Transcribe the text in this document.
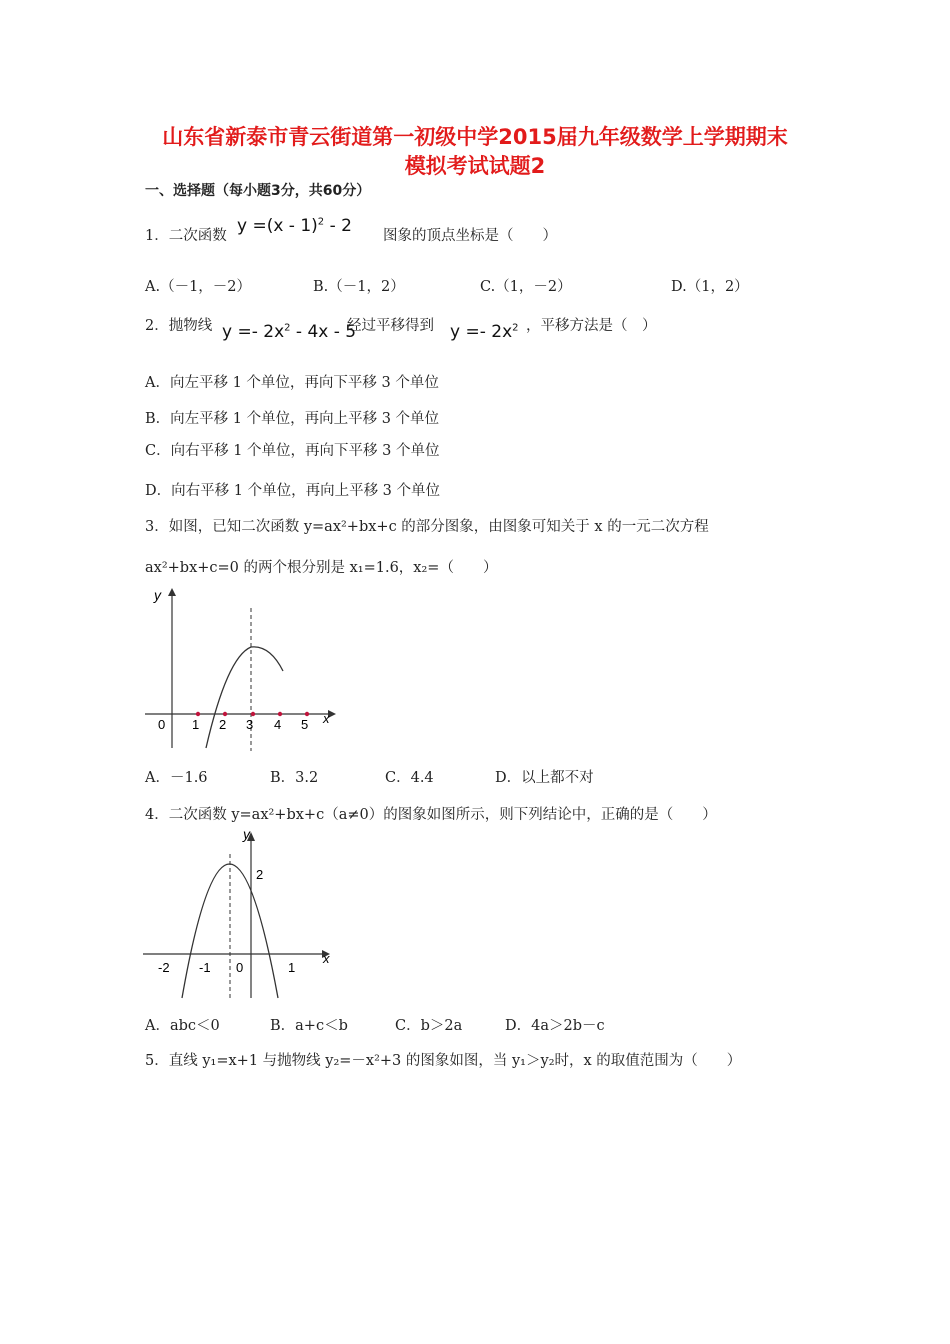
山东省新泰市青云街道第一初级中学2015届九年级数学上学期期末
模拟考试试题2
一、选择题（每小题3分，共60分）
1．二次函数 y =(x - 1)$^2$ - 2 图象的顶点坐标是（　　）
A.（－1，－2）	B.（－1，2）	C.（1，－2）	D.（1，2）
2．抛物线 $y =- 2x^2 - 4x - 5$
经过平移得到 $y =- 2x^2$ ，平移方法是（　）
A．向左平移 1 个单位，再向下平移 3 个单位
B．向左平移 1 个单位，再向上平移 3 个单位
C．向右平移 1 个单位，再向下平移 3 个单位
D．向右平移 1 个单位，再向上平移 3 个单位
3．如图，已知二次函数 y=ax²+bx+c 的部分图象，由图象可知关于 x 的一元二次方程
ax²+bx+c=0 的两个根分别是 x₁=1.6，x₂=（　　）
y
x
0 1 2 3 4 5
A．－1.6	B．3.2	C．4.4	D．以上都不对
4．二次函数 y=ax²+bx+c（a≠0）的图象如图所示，则下列结论中，正确的是（　　）
y
x
2
-2 -1 0	1
A．abc＜0	B．a+c＜b	C．b＞2a	D．4a＞2b－c
5．直线 y₁=x+1 与抛物线 y₂=－x²+3 的图象如图，当 y₁＞y₂时，x 的取值范围为（　　）
